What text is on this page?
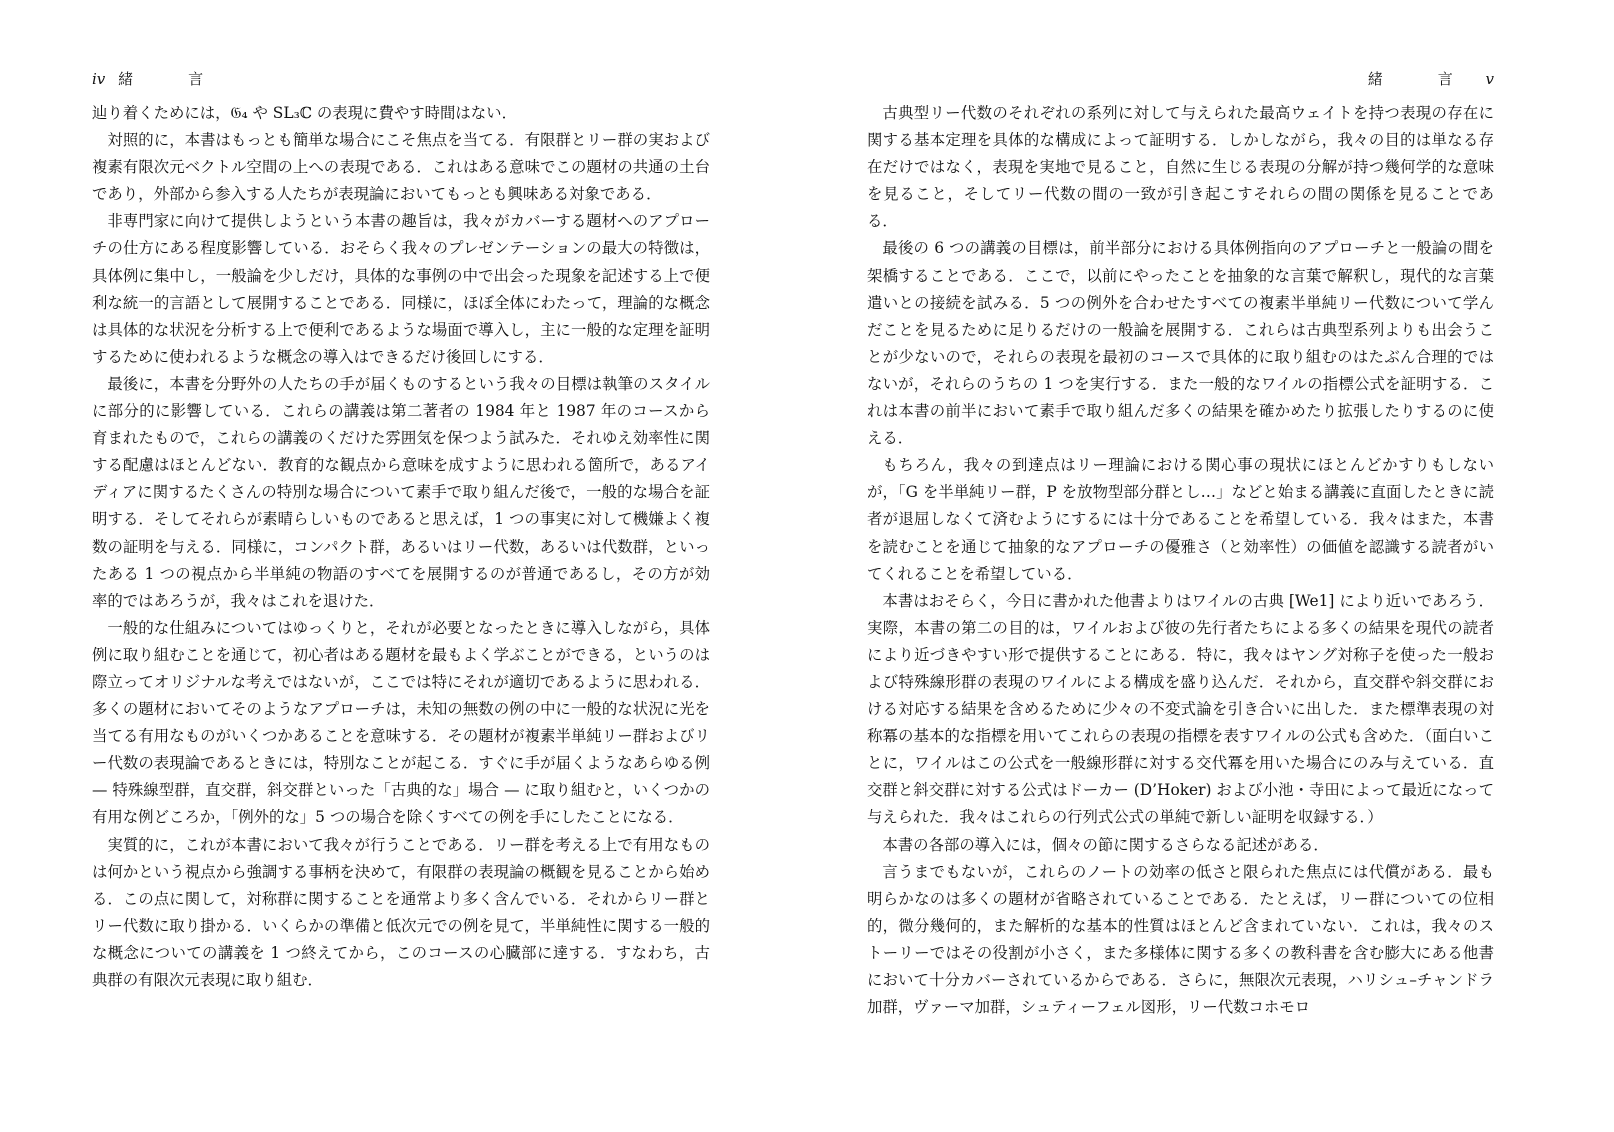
iv 緒　言

辿り着くためには，𝔊₄ や SL₃ℂ の表現に費やす時間はない．

対照的に，本書はもっとも簡単な場合にこそ焦点を当てる．有限群とリー群の実および複素有限次元ベクトル空間の上への表現である．これはある意味でこの題材の共通の土台であり，外部から参入する人たちが表現論においてもっとも興味ある対象である．

非専門家に向けて提供しようという本書の趣旨は，我々がカバーする題材へのアプローチの仕方にある程度影響している．おそらく我々のプレゼンテーションの最大の特徴は，具体例に集中し，一般論を少しだけ，具体的な事例の中で出会った現象を記述する上で便利な統一的言語として展開することである．同様に，ほぼ全体にわたって，理論的な概念は具体的な状況を分析する上で便利であるような場面で導入し，主に一般的な定理を証明するために使われるような概念の導入はできるだけ後回しにする．

最後に，本書を分野外の人たちの手が届くものするという我々の目標は執筆のスタイルに部分的に影響している．これらの講義は第二著者の 1984 年と 1987 年のコースから育まれたもので，これらの講義のくだけた雰囲気を保つよう試みた．それゆえ効率性に関する配慮はほとんどない．教育的な観点から意味を成すように思われる箇所で，あるアイディアに関するたくさんの特別な場合について素手で取り組んだ後で，一般的な場合を証明する．そしてそれらが素晴らしいものであると思えば，1 つの事実に対して機嫌よく複数の証明を与える．同様に，コンパクト群，あるいはリー代数，あるいは代数群，といったある 1 つの視点から半単純の物語のすべてを展開するのが普通であるし，その方が効率的ではあろうが，我々はこれを退けた．

一般的な仕組みについてはゆっくりと，それが必要となったときに導入しながら，具体例に取り組むことを通じて，初心者はある題材を最もよく学ぶことができる，というのは際立ってオリジナルな考えではないが，ここでは特にそれが適切であるように思われる．多くの題材においてそのようなアプローチは，未知の無数の例の中に一般的な状況に光を当てる有用なものがいくつかあることを意味する．その題材が複素半単純リー群およびリー代数の表現論であるときには，特別なことが起こる．すぐに手が届くようなあらゆる例 — 特殊線型群，直交群，斜交群といった「古典的な」場合 — に取り組むと，いくつかの有用な例どころか，「例外的な」5 つの場合を除くすべての例を手にしたことになる．

実質的に，これが本書において我々が行うことである．リー群を考える上で有用なものは何かという視点から強調する事柄を決めて，有限群の表現論の概観を見ることから始める．この点に関して，対称群に関することを通常より多く含んでいる．それからリー群とリー代数に取り掛かる．いくらかの準備と低次元での例を見て，半単純性に関する一般的な概念についての講義を 1 つ終えてから，このコースの心臓部に達する．すなわち，古典群の有限次元表現に取り組む．

緒　言 v

古典型リー代数のそれぞれの系列に対して与えられた最高ウェイトを持つ表現の存在に関する基本定理を具体的な構成によって証明する．しかしながら，我々の目的は単なる存在だけではなく，表現を実地で見ること，自然に生じる表現の分解が持つ幾何学的な意味を見ること，そしてリー代数の間の一致が引き起こすそれらの間の関係を見ることである．

最後の 6 つの講義の目標は，前半部分における具体例指向のアプローチと一般論の間を架橋することである．ここで，以前にやったことを抽象的な言葉で解釈し，現代的な言葉遣いとの接続を試みる．5 つの例外を合わせたすべての複素半単純リー代数について学んだことを見るために足りるだけの一般論を展開する．これらは古典型系列よりも出会うことが少ないので，それらの表現を最初のコースで具体的に取り組むのはたぶん合理的ではないが，それらのうちの 1 つを実行する．また一般的なワイルの指標公式を証明する．これは本書の前半において素手で取り組んだ多くの結果を確かめたり拡張したりするのに使える．

もちろん，我々の到達点はリー理論における関心事の現状にほとんどかすりもしないが，「G を半単純リー群，P を放物型部分群とし…」などと始まる講義に直面したときに読者が退屈しなくて済むようにするには十分であることを希望している．我々はまた，本書を読むことを通じて抽象的なアプローチの優雅さ（と効率性）の価値を認識する読者がいてくれることを希望している．

本書はおそらく，今日に書かれた他書よりはワイルの古典 [We1] により近いであろう．実際，本書の第二の目的は，ワイルおよび彼の先行者たちによる多くの結果を現代の読者により近づきやすい形で提供することにある．特に，我々はヤング対称子を使った一般および特殊線形群の表現のワイルによる構成を盛り込んだ．それから，直交群や斜交群における対応する結果を含めるために少々の不変式論を引き合いに出した．また標準表現の対称冪の基本的な指標を用いてこれらの表現の指標を表すワイルの公式も含めた．（面白いことに，ワイルはこの公式を一般線形群に対する交代冪を用いた場合にのみ与えている．直交群と斜交群に対する公式はドーカー (D’Hoker) および小池・寺田によって最近になって与えられた．我々はこれらの行列式公式の単純で新しい証明を収録する．）

本書の各部の導入には，個々の節に関するさらなる記述がある．

言うまでもないが，これらのノートの効率の低さと限られた焦点には代償がある．最も明らかなのは多くの題材が省略されていることである．たとえば，リー群についての位相的，微分幾何的，また解析的な基本的性質はほとんど含まれていない．これは，我々のストーリーではその役割が小さく，また多様体に関する多くの教科書を含む膨大にある他書において十分カバーされているからである．さらに，無限次元表現，ハリシュ–チャンドラ加群，ヴァーマ加群，シュティーフェル図形，リー代数コホモロ
